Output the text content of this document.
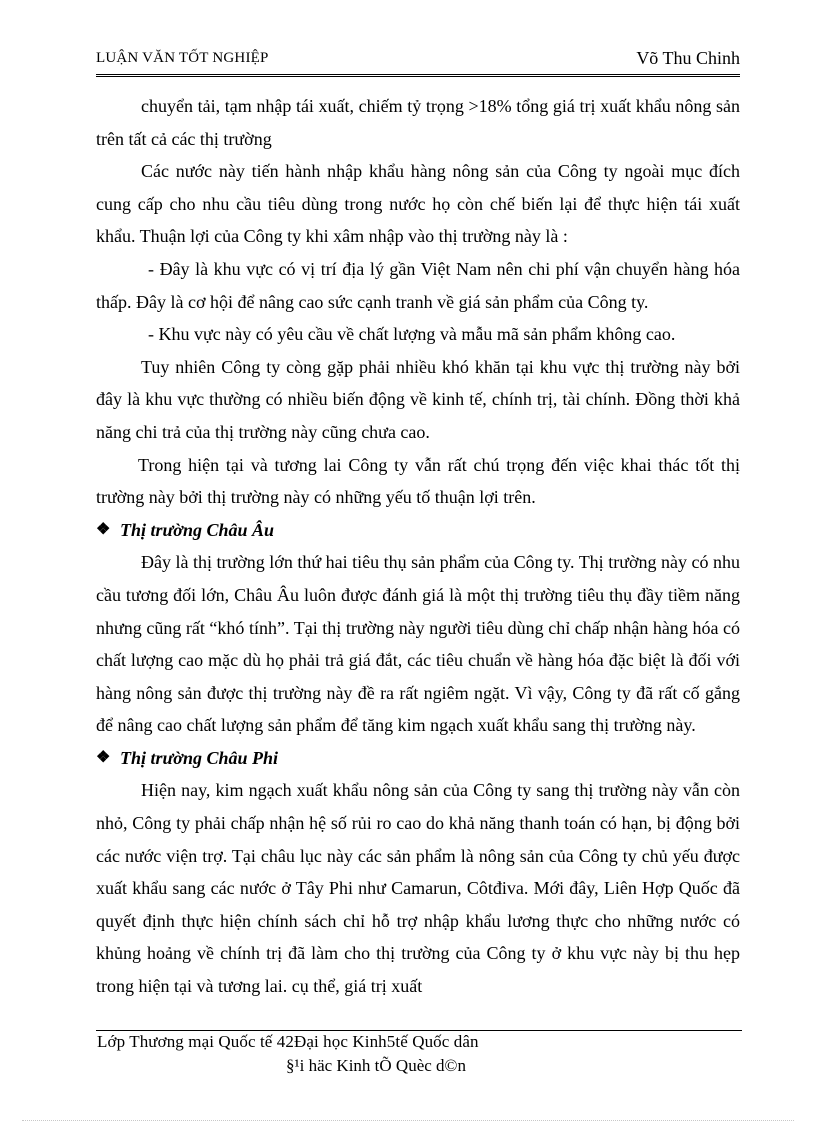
LUẬN VĂN TỐT NGHIỆP	Võ Thu Chinh

chuyển tải, tạm nhập tái xuất, chiếm tỷ trọng >18% tổng giá trị xuất khẩu nông sản trên tất cả các thị trường

Các nước này tiến hành nhập khẩu hàng nông sản của Công ty ngoài mục đích cung cấp cho nhu cầu tiêu dùng trong nước họ còn chế biến lại để thực hiện tái xuất khẩu. Thuận lợi của Công ty khi xâm nhập vào thị trường này là :

- Đây là khu vực có vị trí địa lý gần Việt Nam nên chi phí vận chuyển hàng hóa thấp. Đây là cơ hội để nâng cao sức cạnh tranh về giá sản phẩm của Công ty.

- Khu vực này có yêu cầu về chất lượng và mẫu mã sản phẩm không cao.

Tuy nhiên Công ty còng gặp phải nhiều khó khăn tại khu vực thị trường này bởi đây là khu vực thường có nhiều biến động về kinh tế, chính trị, tài chính. Đồng thời khả năng chi trả của thị trường này cũng chưa cao.

Trong hiện tại và tương lai Công ty vẫn rất chú trọng đến việc khai thác tốt thị trường này bởi thị trường này có những yếu tố thuận lợi trên.

❖ Thị trường Châu Âu

Đây là thị trường lớn thứ hai tiêu thụ sản phẩm của Công ty. Thị trường này có nhu cầu tương đối lớn, Châu Âu luôn được đánh giá là một thị trường tiêu thụ đầy tiềm năng nhưng cũng rất “khó tính”. Tại thị trường này người tiêu dùng chỉ chấp nhận hàng hóa có chất lượng cao mặc dù họ phải trả giá đắt, các tiêu chuẩn về hàng hóa đặc biệt là đối với hàng nông sản được thị trường này đề ra rất ngiêm ngặt. Vì vậy, Công ty đã rất cố gắng để nâng cao chất lượng sản phẩm để tăng kim ngạch xuất khẩu sang thị trường này.

❖ Thị trường Châu Phi

Hiện nay, kim ngạch xuất khẩu nông sản của Công ty sang thị trường này vẫn còn nhỏ, Công ty phải chấp nhận hệ số rủi ro cao do khả năng thanh toán có hạn, bị động bởi các nước viện trợ. Tại châu lục này các sản phẩm là nông sản của Công ty chủ yếu được xuất khẩu sang các nước ở Tây Phi như Camarun, Côtđiva. Mới đây, Liên Hợp Quốc đã quyết định thực hiện chính sách chỉ hỗ trợ nhập khẩu lương thực cho những nước có khủng hoảng về chính trị đã làm cho thị trường của Công ty ở khu vực này bị thu hẹp trong hiện tại và tương lai. cụ thể, giá trị xuất

Lớp Thương mại Quốc tế 42Đại học Kinh5tế Quốc dân
§¹i häc Kinh tÕ Quèc d©n
